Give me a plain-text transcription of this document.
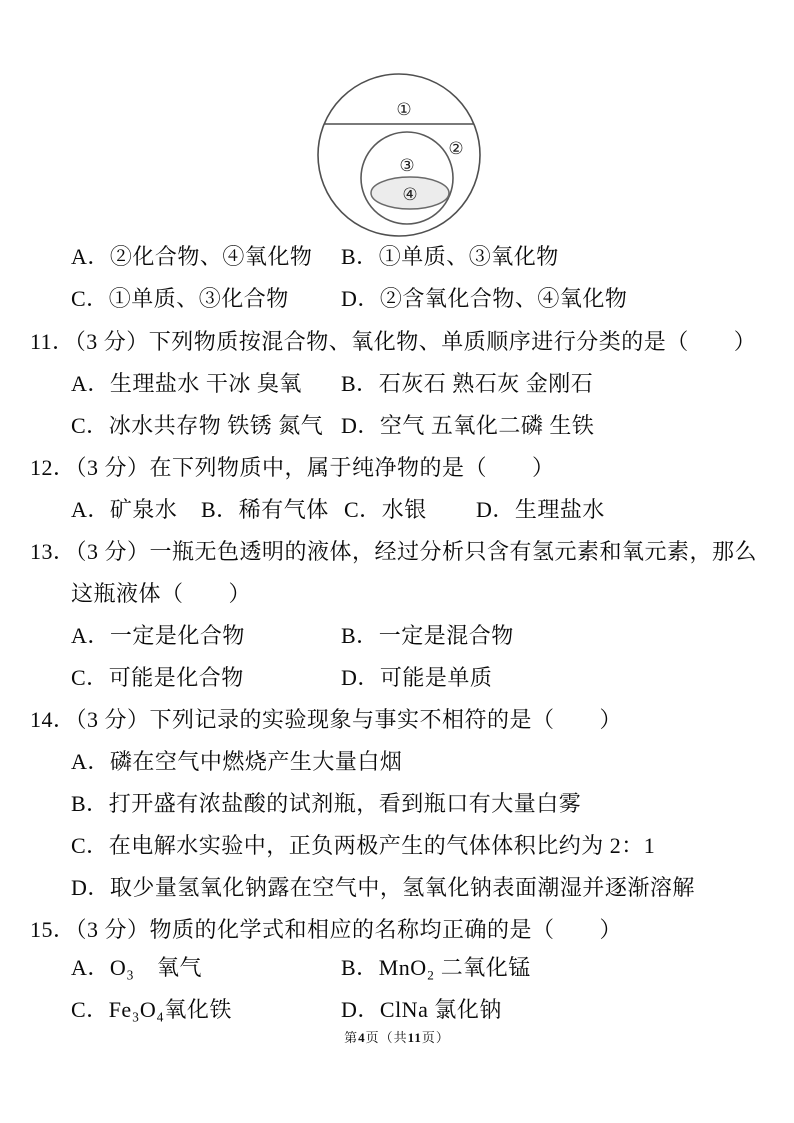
①
②
③
④
A．②化合物、④氧化物 B．①单质、③氧化物
C．①单质、③化合物 D．②含氧化合物、④氧化物
11．（3 分）下列物质按混合物、氧化物、单质顺序进行分类的是（　　）
A．生理盐水 干冰 臭氧 B．石灰石 熟石灰 金刚石
C．冰水共存物 铁锈 氮气 D．空气 五氧化二磷 生铁
12．（3 分）在下列物质中，属于纯净物的是（　　）
A．矿泉水 B．稀有气体 C．水银 D．生理盐水
13．（3 分）一瓶无色透明的液体，经过分析只含有氢元素和氧元素，那么
这瓶液体（　　）
A．一定是化合物	B．一定是混合物
C．可能是化合物	D．可能是单质
14．（3 分）下列记录的实验现象与事实不相符的是（　　）
A．磷在空气中燃烧产生大量白烟
B．打开盛有浓盐酸的试剂瓶，看到瓶口有大量白雾
C．在电解水实验中，正负两极产生的气体体积比约为 2：1
D．取少量氢氧化钠露在空气中，氢氧化钠表面潮湿并逐渐溶解
15．（3 分）物质的化学式和相应的名称均正确的是（　　）
A．O₃　氧气	B．MnO₂ 二氧化锰
C．Fe₃O₄氧化铁	D．ClNa 氯化钠
第4页（共11页）
